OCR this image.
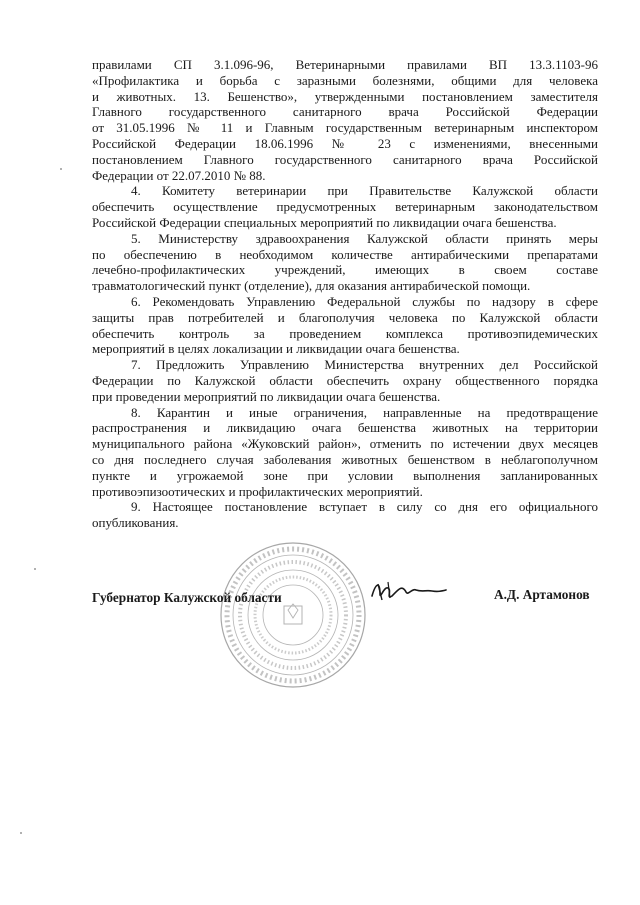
правилами СП 3.1.096-96, Ветеринарными правилами ВП 13.3.1103-96
«Профилактика и борьба с заразными болезнями, общими для человека
и животных. 13. Бешенство», утвержденными постановлением заместителя
Главного государственного санитарного врача Российской Федерации
от 31.05.1996 № 11 и Главным государственным ветеринарным инспектором
Российской Федерации 18.06.1996 № 23 с изменениями, внесенными
постановлением Главного государственного санитарного врача Российской
Федерации от 22.07.2010 № 88.
4. Комитету ветеринарии при Правительстве Калужской области
обеспечить осуществление предусмотренных ветеринарным законодательством
Российской Федерации специальных мероприятий по ликвидации очага бешенства.
5. Министерству здравоохранения Калужской области принять меры
по обеспечению в необходимом количестве антирабическими препаратами
лечебно-профилактических учреждений, имеющих в своем составе
травматологический пункт (отделение), для оказания антирабической помощи.
6. Рекомендовать Управлению Федеральной службы по надзору в сфере
защиты прав потребителей и благополучия человека по Калужской области
обеспечить контроль за проведением комплекса противоэпидемических
мероприятий в целях локализации и ликвидации очага бешенства.
7. Предложить Управлению Министерства внутренних дел Российской
Федерации по Калужской области обеспечить охрану общественного порядка
при проведении мероприятий по ликвидации очага бешенства.
8. Карантин и иные ограничения, направленные на предотвращение
распространения и ликвидацию очага бешенства животных на территории
муниципального района «Жуковский район», отменить по истечении двух месяцев
со дня последнего случая заболевания животных бешенством в неблагополучном
пункте и угрожаемой зоне при условии выполнения запланированных
противоэпизоотических и профилактических мероприятий.
9. Настоящее постановление вступает в силу со дня его официального
опубликования.
Губернатор Калужской области	А.Д. Артамонов
